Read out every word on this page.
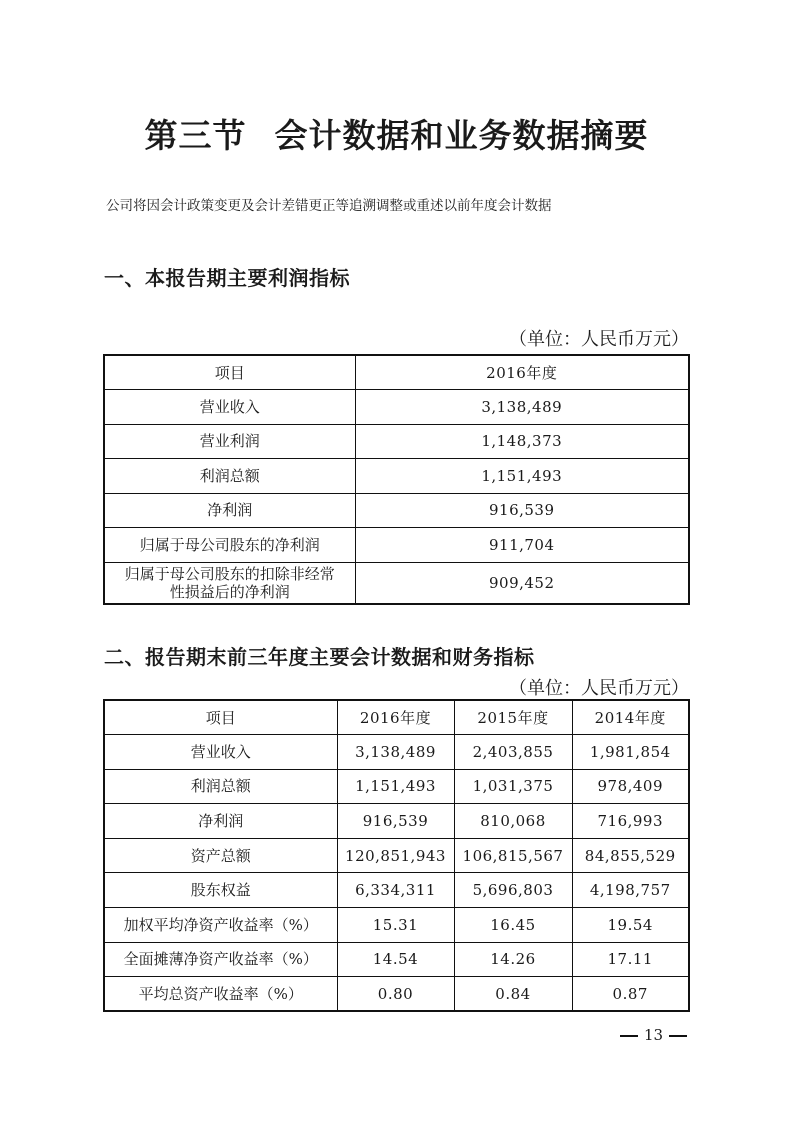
第三节 会计数据和业务数据摘要
公司将因会计政策变更及会计差错更正等追溯调整或重述以前年度会计数据
一、本报告期主要利润指标
（单位：人民币万元）
项目	2016年度
营业收入	3,138,489
营业利润	1,148,373
利润总额	1,151,493
净利润	916,539
归属于母公司股东的净利润	911,704

归属于母公司股东的扣除非经常
性损益后的净利润	909,452
二、报告期末前三年度主要会计数据和财务指标
（单位：人民币万元）
项目	2016年度	2015年度	2014年度
营业收入	3,138,489	2,403,855	1,981,854
利润总额	1,151,493	1,031,375	978,409
净利润	916,539	810,068	716,993
资产总额	120,851,943	106,815,567	84,855,529
股东权益	6,334,311	5,696,803	4,198,757
加权平均净资产收益率（%）	15.31	16.45	19.54
全面摊薄净资产收益率（%）	14.54	14.26	17.11
平均总资产收益率（%）	0.80	0.84	0.87
13
